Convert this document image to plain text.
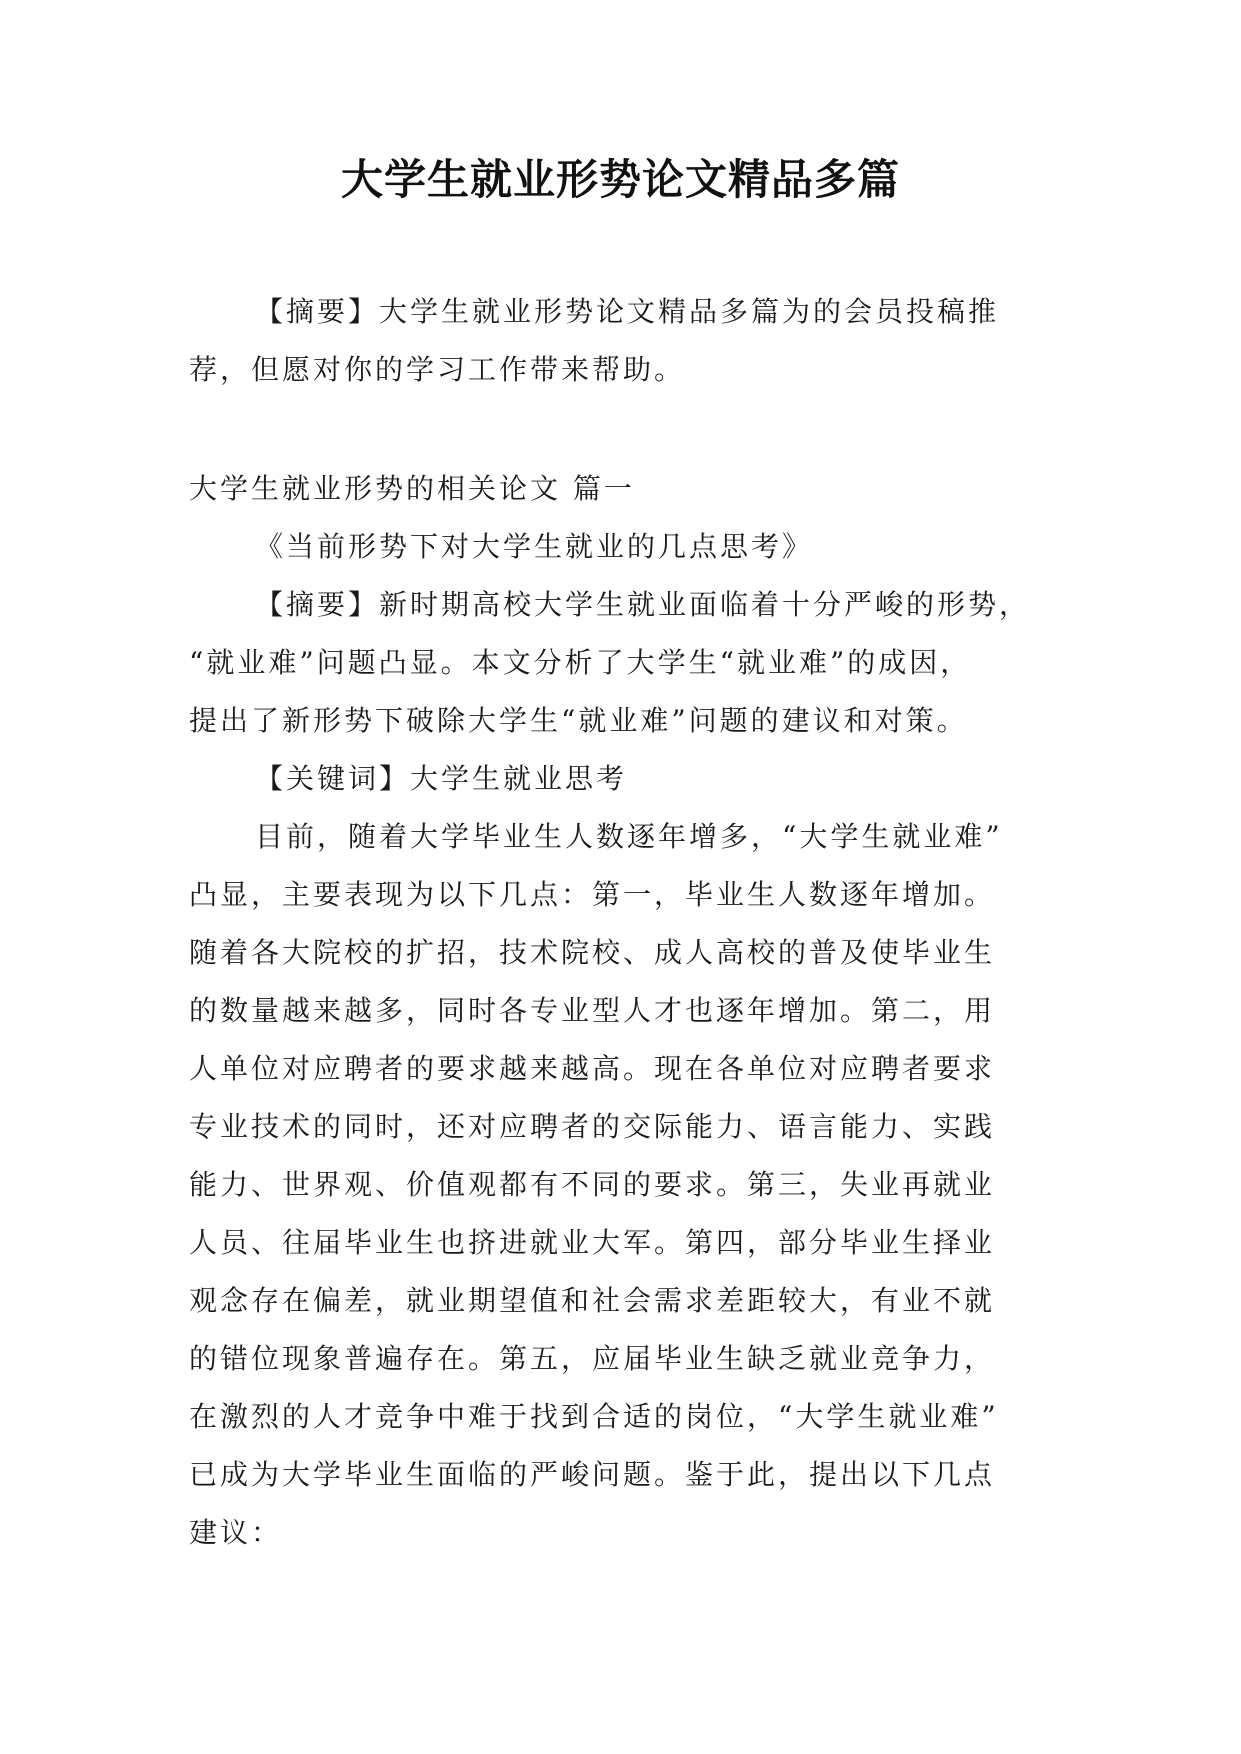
大学生就业形势论文精品多篇
【摘要】大学生就业形势论文精品多篇为的会员投稿推
荐，但愿对你的学习工作带来帮助。
大学生就业形势的相关论文 篇一
《当前形势下对大学生就业的几点思考》
【摘要】新时期高校大学生就业面临着十分严峻的形势，
“就业难”问题凸显。本文分析了大学生“就业难”的成因，
提出了新形势下破除大学生“就业难”问题的建议和对策。
【关键词】大学生就业思考
目前，随着大学毕业生人数逐年增多，“大学生就业难”
凸显，主要表现为以下几点：第一，毕业生人数逐年增加。
随着各大院校的扩招，技术院校、成人高校的普及使毕业生
的数量越来越多，同时各专业型人才也逐年增加。第二，用
人单位对应聘者的要求越来越高。现在各单位对应聘者要求
专业技术的同时，还对应聘者的交际能力、语言能力、实践
能力、世界观、价值观都有不同的要求。第三，失业再就业
人员、往届毕业生也挤进就业大军。第四，部分毕业生择业
观念存在偏差，就业期望值和社会需求差距较大，有业不就
的错位现象普遍存在。第五，应届毕业生缺乏就业竞争力，
在激烈的人才竞争中难于找到合适的岗位，“大学生就业难”
已成为大学毕业生面临的严峻问题。鉴于此，提出以下几点
建议：
